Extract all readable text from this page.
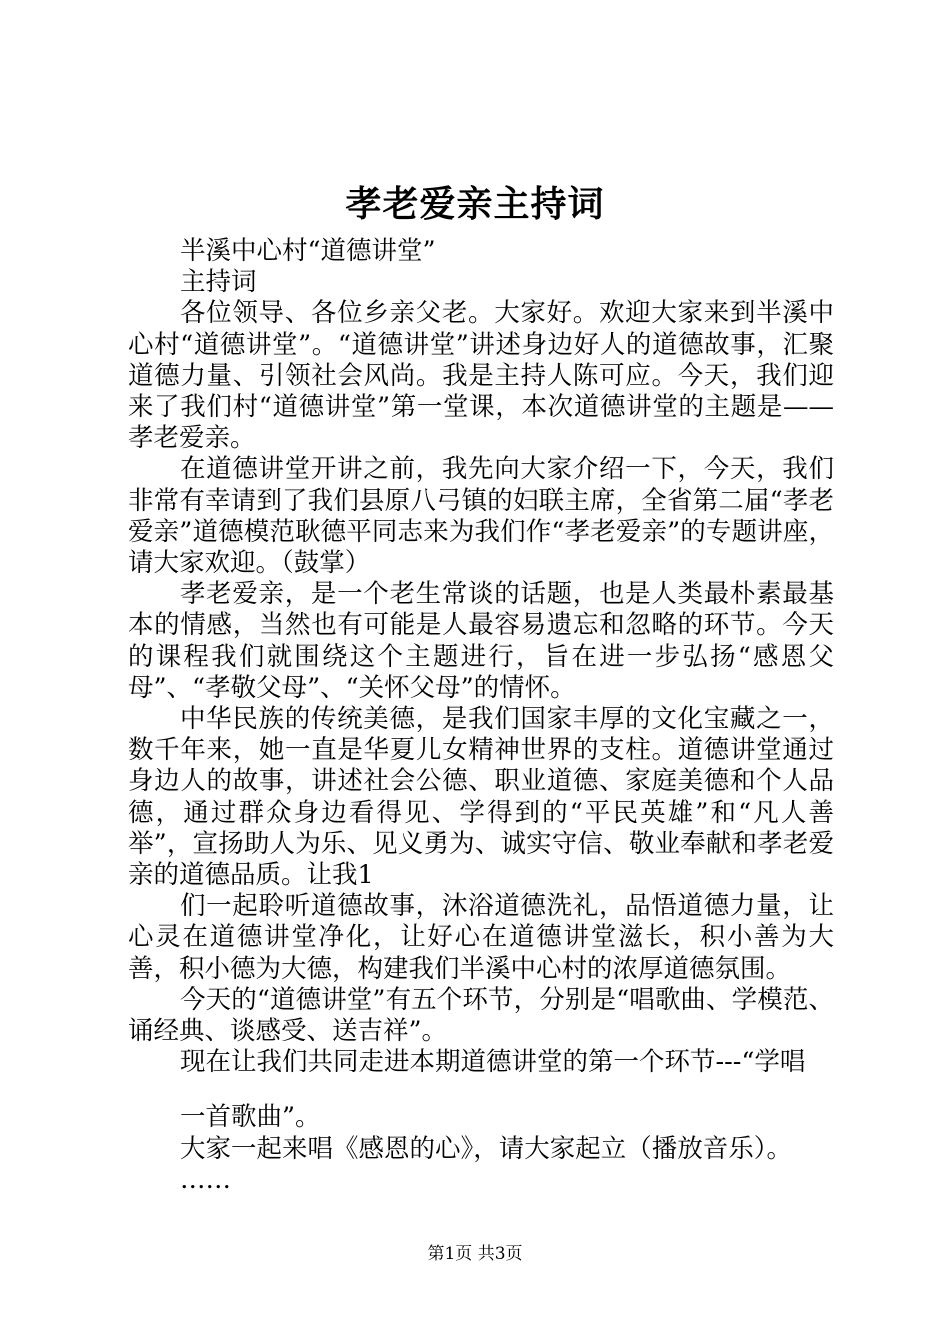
孝老爱亲主持词

半溪中心村“道德讲堂”

主持词

各位领导、各位乡亲父老。大家好。欢迎大家来到半溪中心村“道德讲堂”。“道德讲堂”讲述身边好人的道德故事，汇聚道德力量、引领社会风尚。我是主持人陈可应。今天，我们迎来了我们村“道德讲堂”第一堂课，本次道德讲堂的主题是——孝老爱亲。

在道德讲堂开讲之前，我先向大家介绍一下，今天，我们非常有幸请到了我们县原八弓镇的妇联主席，全省第二届“孝老爱亲”道德模范耿德平同志来为我们作“孝老爱亲”的专题讲座，请大家欢迎。（鼓掌）

孝老爱亲，是一个老生常谈的话题，也是人类最朴素最基本的情感，当然也有可能是人最容易遗忘和忽略的环节。今天的课程我们就围绕这个主题进行，旨在进一步弘扬“感恩父母”、“孝敬父母”、“关怀父母”的情怀。

中华民族的传统美德，是我们国家丰厚的文化宝藏之一，数千年来，她一直是华夏儿女精神世界的支柱。道德讲堂通过身边人的故事，讲述社会公德、职业道德、家庭美德和个人品德，通过群众身边看得见、学得到的“平民英雄”和“凡人善举”，宣扬助人为乐、见义勇为、诚实守信、敬业奉献和孝老爱亲的道德品质。让我1

们一起聆听道德故事，沐浴道德洗礼，品悟道德力量，让心灵在道德讲堂净化，让好心在道德讲堂滋长，积小善为大善，积小德为大德，构建我们半溪中心村的浓厚道德氛围。

今天的“道德讲堂”有五个环节，分别是“唱歌曲、学模范、诵经典、谈感受、送吉祥”。

现在让我们共同走进本期道德讲堂的第一个环节---“学唱

一首歌曲”。

大家一起来唱《感恩的心》，请大家起立（播放音乐）。

……

第1页 共3页
